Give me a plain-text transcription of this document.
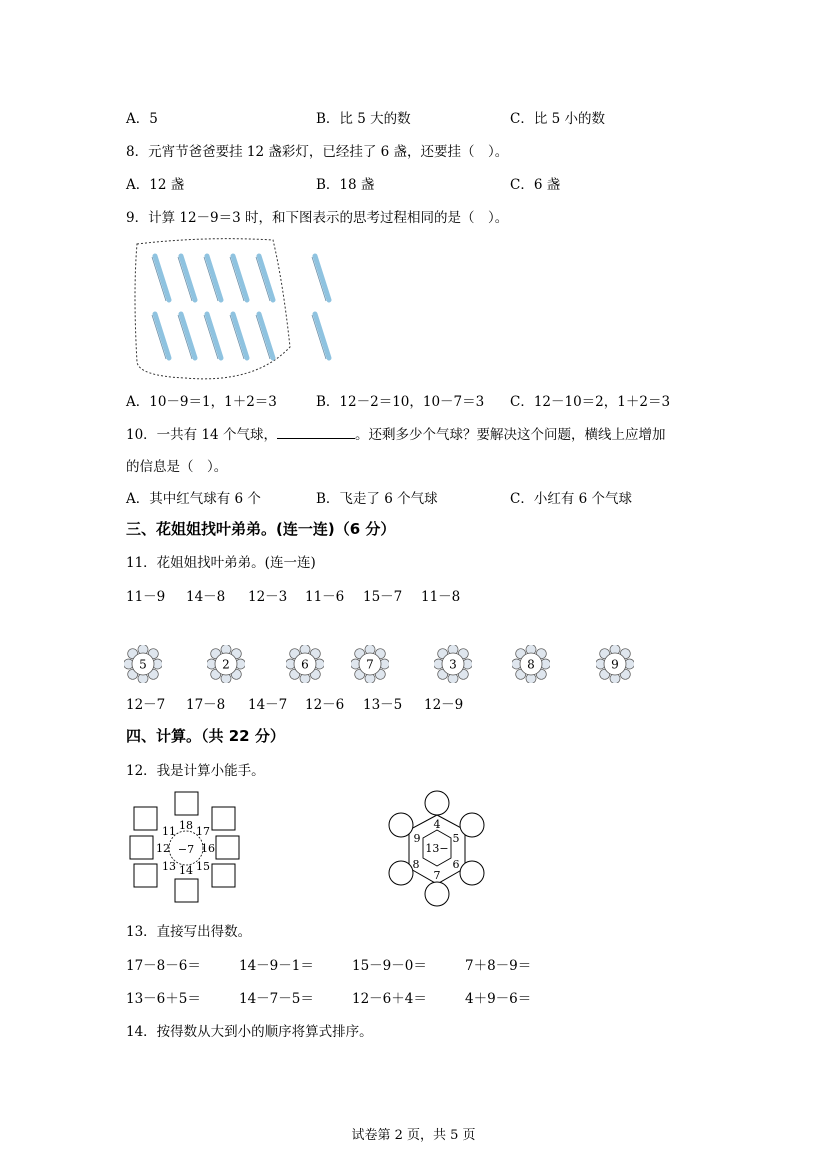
A．5	B．比 5 大的数	C．比 5 小的数
8．元宵节爸爸要挂 12 盏彩灯，已经挂了 6 盏，还要挂（　）。
A．12 盏	B．18 盏	C．6 盏
9．计算 12－9＝3 时，和下图表示的思考过程相同的是（　）。
A．10－9＝1，1＋2＝3	B．12－2＝10，10－7＝3 C．12－10＝2，1＋2＝3
10．一共有 14 个气球，	。还剩多少个气球？要解决这个问题，横线上应增加
的信息是（　）。
A．其中红气球有 6 个	B．飞走了 6 个气球	C．小红有 6 个气球
三、花姐姐找叶弟弟。(连一连)（6 分）
11．花姐姐找叶弟弟。(连一连)
11－9 14－8 12－3 11－6 15－7 11－8
5	2	6	7	3	8	9
12－7 17－8 14－7 12－6 13－5 12－9
四、计算。（共 22 分）
12．我是计算小能手。
−7
18 17
16
15
14
13
12
11
13−
4
5
6
7
8
9
13．直接写出得数。
17－8－6＝	14－9－1＝	15－9－0＝	7＋8－9＝
13－6＋5＝	14－7－5＝	12－6＋4＝	4＋9－6＝
14．按得数从大到小的顺序将算式排序。
试卷第 2 页，共 5 页
